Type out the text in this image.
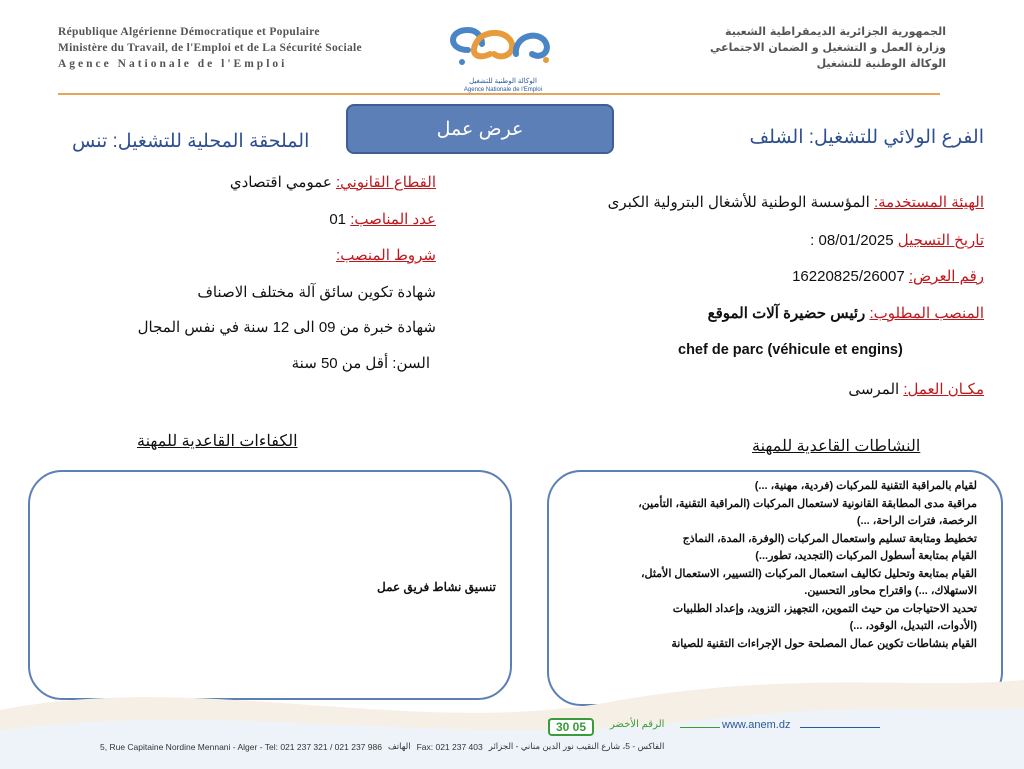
République Algérienne Démocratique et Populaire
Ministère du Travail, de l'Emploi et de La Sécurité Sociale
Agence Nationale de l'Emploi
الوكالة الوطنية للتشغيل
Agence Nationale de l'Emploi
الجمهورية الجزائرية الديمقراطية الشعبية
وزارة العمل و التشغيل و الضمان الاجتماعي
الوكالة الوطنية للتشغيل
عرض عمل	الفرع الولائي للتشغيل: الشلف
الملحقة المحلية للتشغيل: تنس
الهيئة المستخدمة: المؤسسة الوطنية للأشغال البترولية الكبرى
تاريخ التسجيل : 08/01/2025
رقم العرض: 16220825/26007
المنصب المطلوب: رئيس حضيرة آلات الموقع
chef de parc (véhicule et engins)
مكـان العمل: المرسى
القطاع القانوني: عمومي اقتصادي
عدد المناصب: 01
شروط المنصب:
شهادة تكوين سائق آلة مختلف الاصناف
شهادة خبرة من 09 الى 12 سنة في نفس المجال
السن: أقل من 50 سنة
الكفاءات القاعدية للمهنة	النشاطات القاعدية للمهنة
تنسيق نشاط فريق عمل
لقيام بالمراقبة التقنية للمركبات (فردية، مهنية، ...)
مراقبة مدى المطابقة القانونية لاستعمال المركبات (المراقبة التقنية، التأمين،
الرخصة، فترات الراحة، ...)
تخطيط ومتابعة تسليم واستعمال المركبات (الوفرة، المدة، النماذج
القيام بمتابعة أسطول المركبات (التجديد، تطور...)
القيام بمتابعة وتحليل تكاليف استعمال المركبات (التسيير، الاستعمال الأمثل،
الاستهلاك، ...) واقتراح محاور التحسين.
تحديد الاحتياجات من حيث التموين، التجهيز، التزويد، وإعداد الطلبيات
(الأدوات، التبديل، الوقود، ...)
القيام بنشاطات تكوين عمال المصلحة حول الإجراءات التقنية للصيانة
30 05	الرقم الأخضر	www.anem.dz
5, Rue Capitaine Nordine Mennani - Alger - Tel: 021 237 321 / 021 237 986 الهاتف Fax: 021 237 403 الفاكس - 5، شارع النقيب نور الدين مناني - الجزائر
